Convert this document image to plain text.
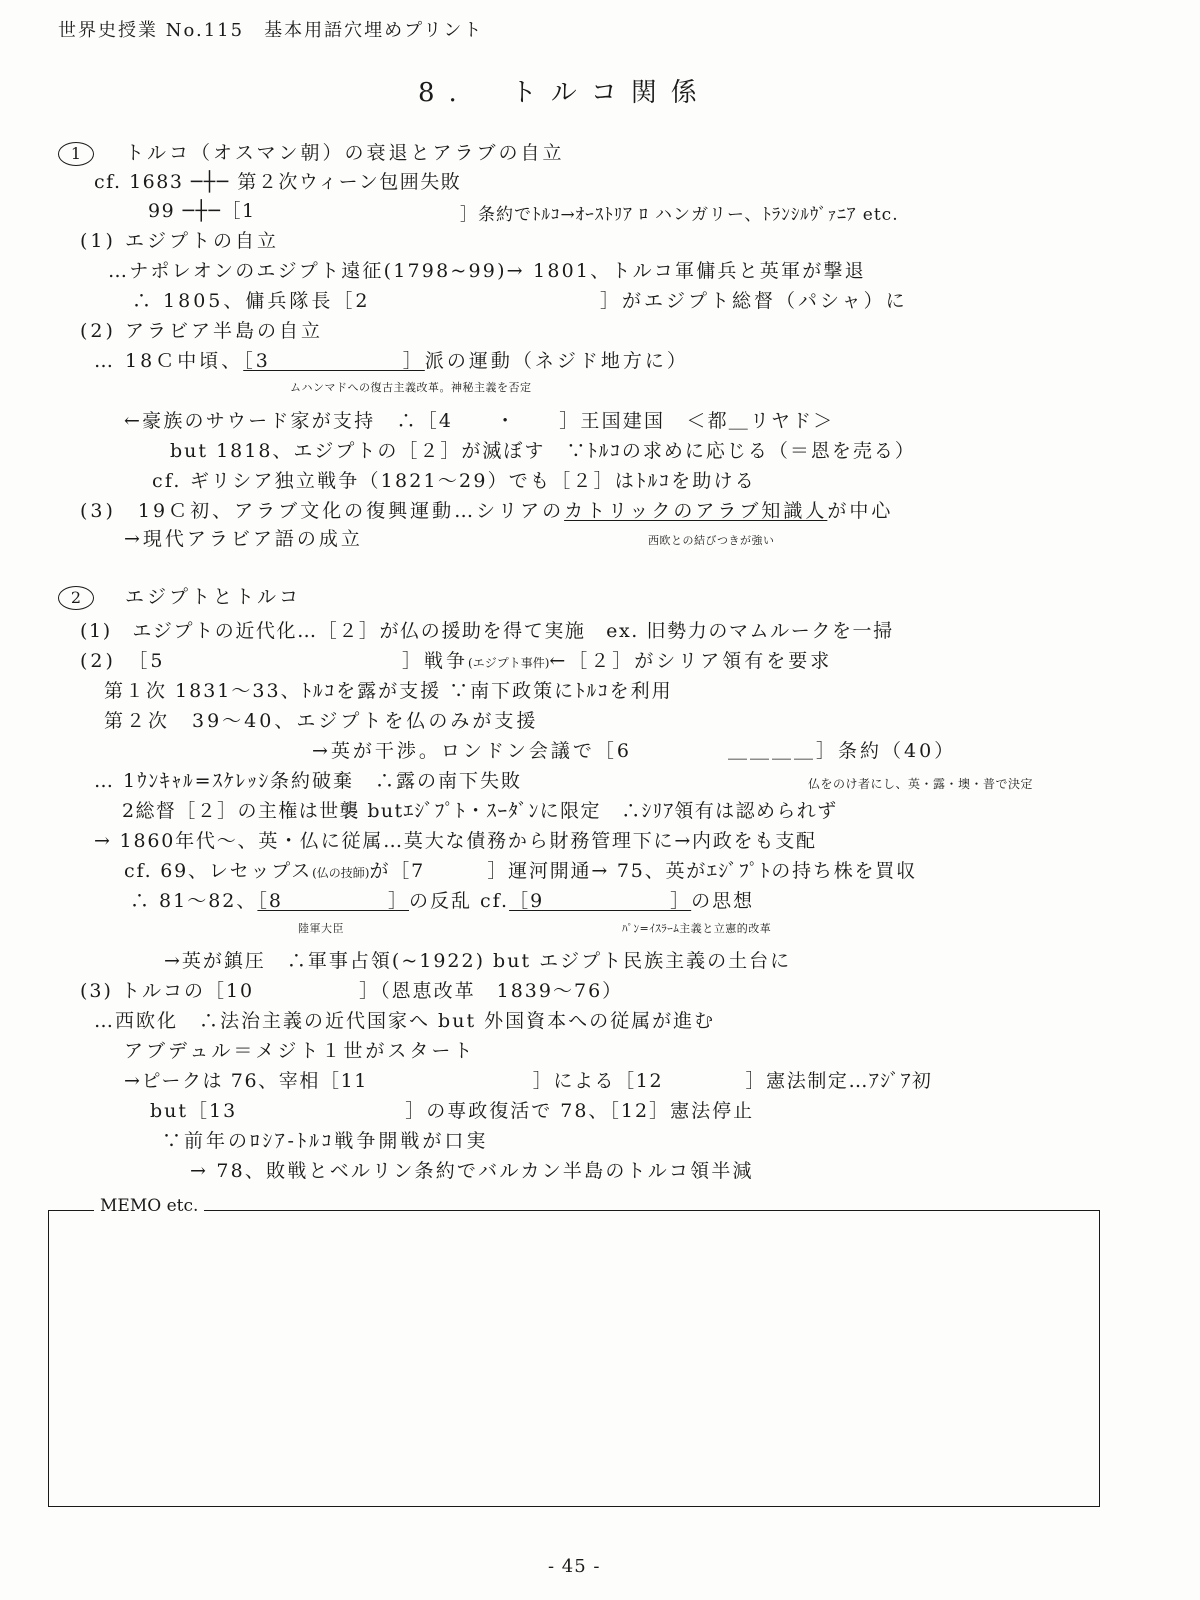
世界史授業 No.115　基本用語穴埋めプリント
8.　トルコ関係
1 トルコ（オスマン朝）の衰退とアラブの自立
cf. 1683 ─┼─ 第２次ウィーン包囲失敗
99 ─┼─［1	］条約でﾄﾙｺ→ｵｰｽﾄﾘｱ ﾛ ハンガリー、ﾄﾗﾝｼﾙｳﾞｧﾆｱ etc.
(1) エジプトの自立
…ナポレオンのエジプト遠征(1798~99)→ 1801、トルコ軍傭兵と英軍が撃退
∴ 1805、傭兵隊長［2	］がエジプト総督（パシャ）に
(2) アラビア半島の自立
… 18Ｃ中頃、［3　　　　　　］派の運動（ネジド地方に）
ムハンマドへの復古主義改革。神秘主義を否定
←豪族のサウード家が支持　∴［4　　・　　］王国建国　＜都＿リヤド＞
but 1818、エジプトの［２］が滅ぼす　∵ﾄﾙｺの求めに応じる（＝恩を売る）
cf. ギリシア独立戦争（1821～29）でも［２］はﾄﾙｺを助ける
(3)　19Ｃ初、アラブ文化の復興運動…シリアのカトリックのアラブ知識人が中心
西欧との結びつきが強い
→現代アラビア語の成立
2 エジプトとトルコ
(1)　エジプトの近代化…［２］が仏の援助を得て実施　ex. 旧勢力のマムルークを一掃
(2)　［5	］戦争(エジプト事件)←［２］がシリア領有を要求
第１次 1831～33、ﾄﾙｺを露が支援 ∵南下政策にﾄﾙｺを利用
第２次　39～40、エジプトを仏のみが支援
→英が干渉。ロンドン会議で［6	＿＿＿＿］条約（40）
… 1ｳﾝｷｬﾙ=ｽｹﾚｯｼ条約破棄　∴露の南下失敗	仏をのけ者にし、英・露・墺・普で決定
2総督［２］の主権は世襲 butｴｼﾞﾌﾟﾄ・ｽｰﾀﾞﾝに限定　∴ｼﾘｱ領有は認められず
→ 1860年代～、英・仏に従属…莫大な債務から財務管理下に→内政をも支配
cf. 69、レセップス(仏の技師)が［7　　　］運河開通→ 75、英がｴｼﾞﾌﾟﾄの持ち株を買収
∴ 81～82、［8　　　　　］の反乱 cf.［9　　　　　　］の思想
陸軍大臣	ﾊﾟﾝ=ｲｽﾗｰﾑ主義と立憲的改革
→英が鎮圧　∴軍事占領(~1922) but エジプト民族主義の土台に
(3) トルコの［10　　　　　］（恩恵改革　1839～76）
…西欧化　∴法治主義の近代国家へ but 外国資本への従属が進む
アブデュル＝メジト１世がスタート
→ピークは 76、宰相［11　　　　　　　　］による［12　　　　］憲法制定…ｱｼﾞｱ初
but［13　　　　　　　　］の専政復活で 78、［12］憲法停止
∵前年のﾛｼｱ-ﾄﾙｺ戦争開戦が口実
→ 78、敗戦とベルリン条約でバルカン半島のトルコ領半減
MEMO etc.
- 45 -
